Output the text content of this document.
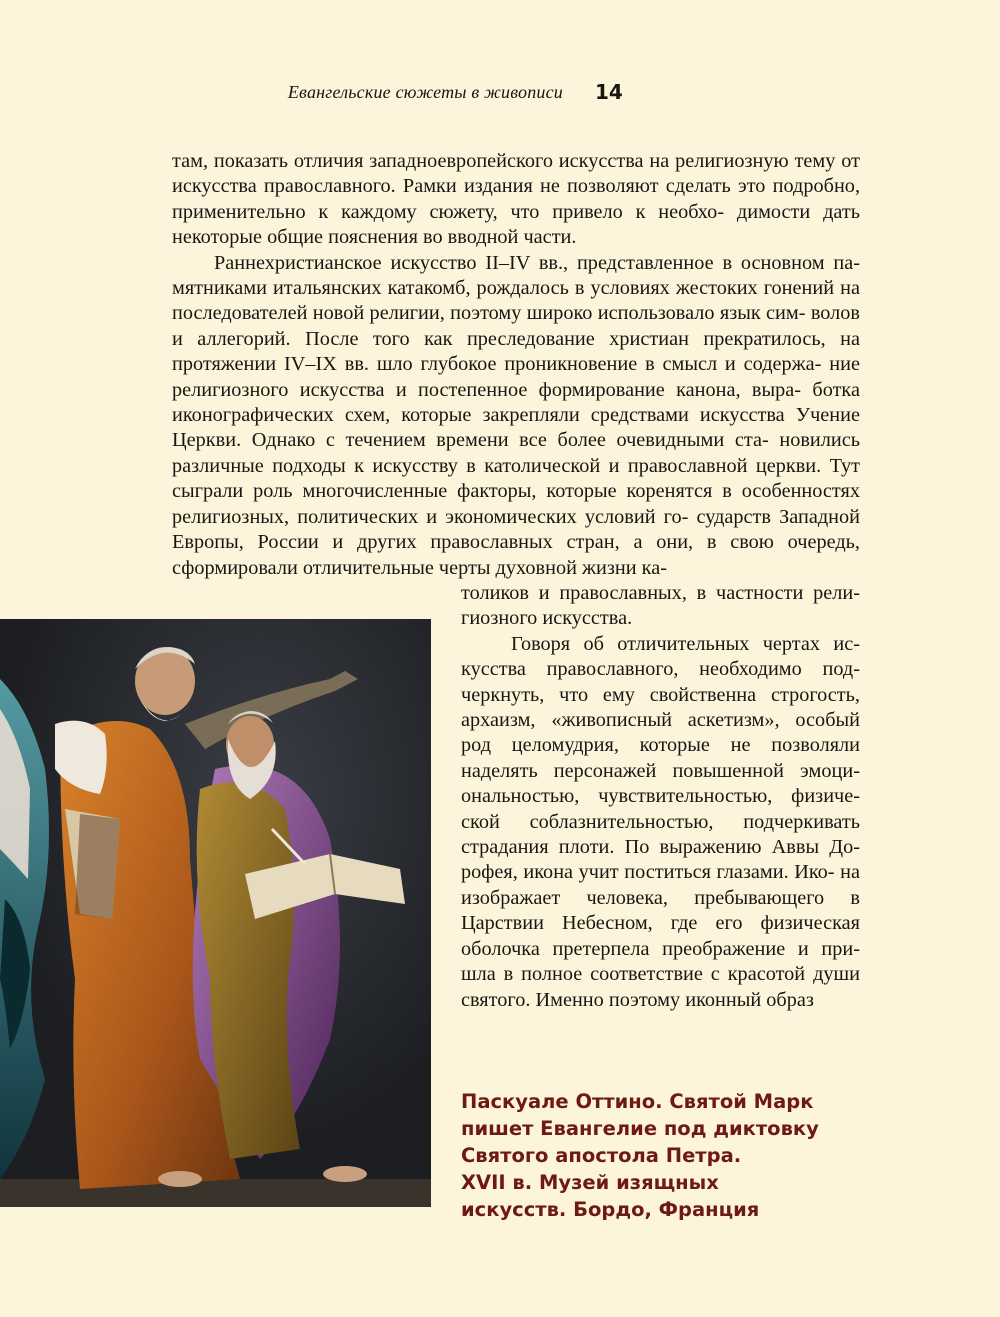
Евангельские сюжеты в живописи 14

там, показать отличия западноевропейского искусства на религиозную тему от искусства православного. Рамки издания не позволяют сделать это подробно, применительно к каждому сюжету, что привело к необхо- димости дать некоторые общие пояснения во вводной части.

Раннехристианское искусство II–IV вв., представленное в основном па- мятниками итальянских катакомб, рождалось в условиях жестоких гонений на последователей новой религии, поэтому широко использовало язык сим- волов и аллегорий. После того как преследование христиан прекратилось, на протяжении IV–IX вв. шло глубокое проникновение в смысл и содержа- ние религиозного искусства и постепенное формирование канона, выра- ботка иконографических схем, которые закрепляли средствами искусства Учение Церкви. Однако с течением времени все более очевидными ста- новились различные подходы к искусству в католической и православной церкви. Тут сыграли роль многочисленные факторы, которые коренятся в особенностях религиозных, политических и экономических условий го- сударств Западной Европы, России и других православных стран, а они, в свою очередь, сформировали отличительные черты духовной жизни ка-

толиков и православных, в частности рели- гиозного искусства.

Говоря об отличительных чертах ис- кусства православного, необходимо под- черкнуть, что ему свойственна строгость, архаизм, «живописный аскетизм», особый род целомудрия, которые не позволяли наделять персонажей повышенной эмоци- ональностью, чувствительностью, физиче- ской соблазнительностью, подчеркивать страдания плоти. По выражению Аввы До- рофея, икона учит поститься глазами. Ико- на изображает человека, пребывающего в Царствии Небесном, где его физическая оболочка претерпела преображение и при- шла в полное соответствие с красотой души святого. Именно поэтому иконный образ

Паскуале Оттино. Святой Марк
пишет Евангелие под диктовку
Святого апостола Петра.
XVII в. Музей изящных
искусств. Бордо, Франция
